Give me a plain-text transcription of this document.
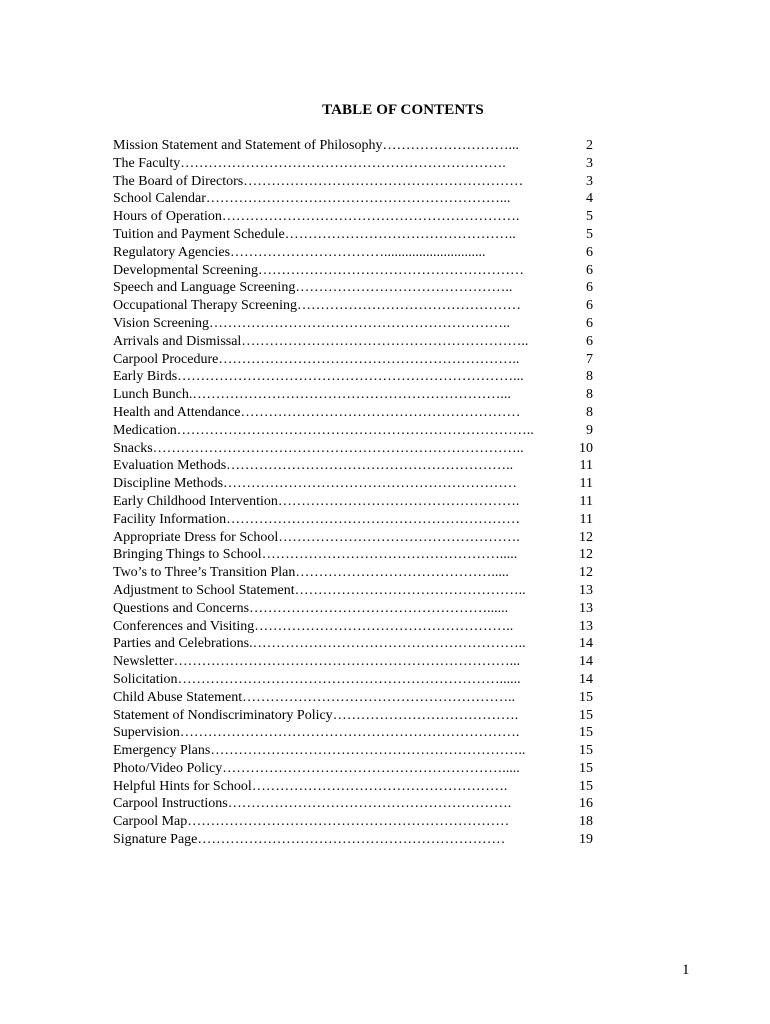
TABLE OF CONTENTS
Mission Statement and Statement of Philosophy ………………………...	2
The Faculty …………………………………………………………….	3
The Board of Directors ……………………………………………………	3
School Calendar ………………………………………………………...	4
Hours of Operation ……………………………………………………….	5
Tuition and Payment Schedule …………………………………………..	5
Regulatory Agencies …………………………….............................	6
Developmental Screening …………………………………………………	6
Speech and Language Screening ………………………………………..	6
Occupational Therapy Screening …………………………………………	6
Vision Screening ………………………………………………………..	6
Arrivals and Dismissal ……………………………………………………..	6
Carpool Procedure ………………………………………………………..	7
Early Birds ………………………………………………………………...	8
Lunch Bunch. …………………………………………………………...	8
Health and Attendance ……………………………………………………	8
Medication …………………………………………………………………..	9
Snacks ……………………………………………………………………..	10
Evaluation Methods ……………………………………………………..	11
Discipline Methods ………………………………………………………	11
Early Childhood Intervention …………………………………………….	11
Facility Information ………………………………………………………	11
Appropriate Dress for School …………………………………………….	12
Bringing Things to School …………………………………………….....	12
Two’s to Three’s Transition Plan …………………………………….....	12
Adjustment to School Statement …………………………………………..	13
Questions and Concerns ……………………………………………......	13
Conferences and Visiting ………………………………………………..	13
Parties and Celebrations. …………………………………………………..	14
Newsletter ………………………………………………………………...	14
Solicitation ……………………………………………………………......	14
Child Abuse Statement …………………………………………………..	15
Statement of Nondiscriminatory Policy ………………………………….	15
Supervision ……………………………………………………………….	15
Emergency Plans …………………………………………………………..	15
Photo/Video Policy …………………………………………………….....	15
Helpful Hints for School ……………………………………………….	15
Carpool Instructions …………………………………………………….	16
Carpool Map ……………………………………………………………	18
Signature Page …………………………………………………………	19
1
